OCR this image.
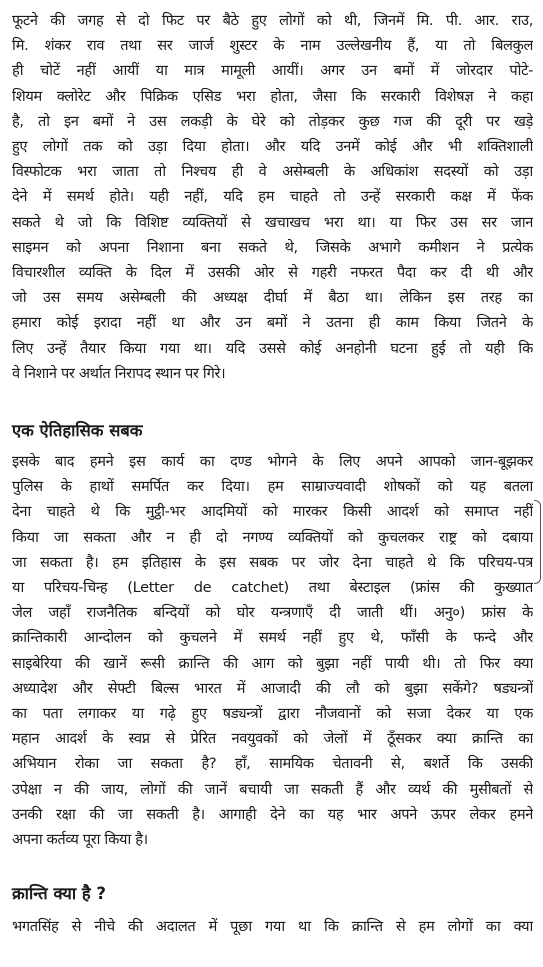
फूटने की जगह से दो फिट पर बैठे हुए लोगों को थी, जिनमें मि. पी. आर. राउ,
मि. शंकर राव तथा सर जार्ज शुस्टर के नाम उल्लेखनीय हैं, या तो बिलकुल
ही चोटें नहीं आयीं या मात्र मामूली आयीं। अगर उन बमों में जोरदार पोटे-
शियम क्लोरेट और पिक्रिक एसिड भरा होता, जैसा कि सरकारी विशेषज्ञ ने कहा
है, तो इन बमों ने उस लकड़ी के घेरे को तोड़कर कुछ गज की दूरी पर खड़े
हुए लोगों तक को उड़ा दिया होता। और यदि उनमें कोई और भी शक्तिशाली
विस्फोटक भरा जाता तो निश्चय ही वे असेम्बली के अधिकांश सदस्यों को उड़ा
देने में समर्थ होते। यही नहीं, यदि हम चाहते तो उन्हें सरकारी कक्ष में फेंक
सकते थे जो कि विशिष्ट व्यक्तियों से खचाखच भरा था। या फिर उस सर जान
साइमन को अपना निशाना बना सकते थे, जिसके अभागे कमीशन ने प्रत्येक
विचारशील व्यक्ति के दिल में उसकी ओर से गहरी नफरत पैदा कर दी थी और
जो उस समय असेम्बली की अध्यक्ष दीर्घा में बैठा था। लेकिन इस तरह का
हमारा कोई इरादा नहीं था और उन बमों ने उतना ही काम किया जितने के
लिए उन्हें तैयार किया गया था। यदि उससे कोई अनहोनी घटना हुई तो यही कि
वे निशाने पर अर्थात निरापद स्थान पर गिरे।

एक ऐतिहासिक सबक

इसके बाद हमने इस कार्य का दण्ड भोगने के लिए अपने आपको जान-बूझकर
पुलिस के हाथों समर्पित कर दिया। हम साम्राज्यवादी शोषकों को यह बतला
देना चाहते थे कि मुट्ठी-भर आदमियों को मारकर किसी आदर्श को समाप्त नहीं
किया जा सकता और न ही दो नगण्य व्यक्तियों को कुचलकर राष्ट्र को दबाया
जा सकता है। हम इतिहास के इस सबक पर जोर देना चाहते थे कि परिचय-पत्र
या परिचय-चिन्ह (Letter de catchet) तथा बेस्टाइल (फ्रांस की कुख्यात
जेल जहाँ राजनैतिक बन्दियों को घोर यन्त्रणाएँ दी जाती थीं। अनु०) फ्रांस के
क्रान्तिकारी आन्दोलन को कुचलने में समर्थ नहीं हुए थे, फाँसी के फन्दे और
साइबेरिया की खानें रूसी क्रान्ति की आग को बुझा नहीं पायी थी। तो फिर क्या
अध्यादेश और सेफ्टी बिल्स भारत में आजादी की लौ को बुझा सकेंगे? षड्यन्त्रों
का पता लगाकर या गढ़े हुए षड्यन्त्रों द्वारा नौजवानों को सजा देकर या एक
महान आदर्श के स्वप्न से प्रेरित नवयुवकों को जेलों में ठूँसकर क्या क्रान्ति का
अभियान रोका जा सकता है? हाँ, सामयिक चेतावनी से, बशर्ते कि उसकी
उपेक्षा न की जाय, लोगों की जानें बचायी जा सकती हैं और व्यर्थ की मुसीबतों से
उनकी रक्षा की जा सकती है। आगाही देने का यह भार अपने ऊपर लेकर हमने
अपना कर्तव्य पूरा किया है।

क्रान्ति क्या है ?

भगतसिंह से नीचे की अदालत में पूछा गया था कि क्रान्ति से हम लोगों का क्या
